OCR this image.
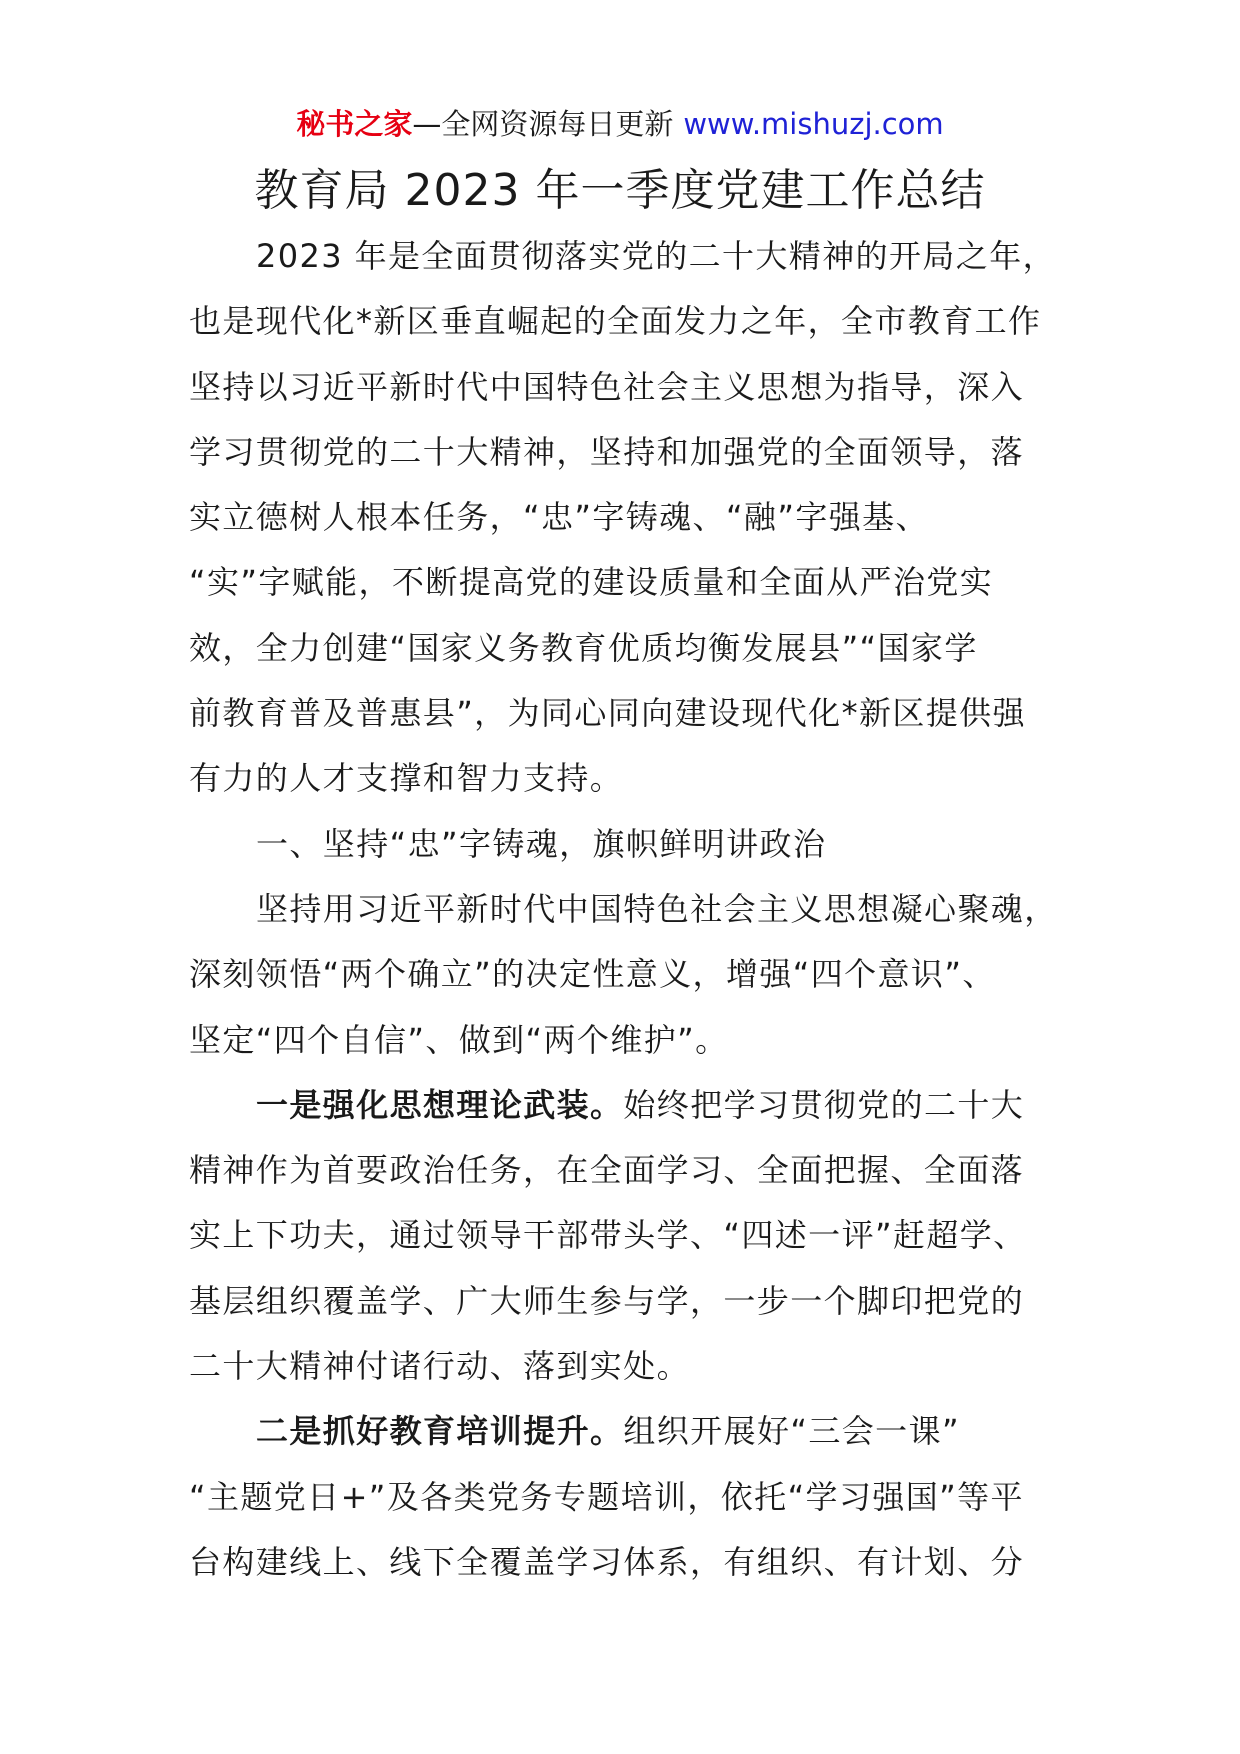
秘书之家—全网资源每日更新 www.mishuzj.com
教育局 2023 年一季度党建工作总结
2023 年是全面贯彻落实党的二十大精神的开局之年，
也是现代化*新区垂直崛起的全面发力之年，全市教育工作
坚持以习近平新时代中国特色社会主义思想为指导，深入
学习贯彻党的二十大精神，坚持和加强党的全面领导，落
实立德树人根本任务，“忠”字铸魂、“融”字强基、
“实”字赋能，不断提高党的建设质量和全面从严治党实
效，全力创建“国家义务教育优质均衡发展县”“国家学
前教育普及普惠县”，为同心同向建设现代化*新区提供强
有力的人才支撑和智力支持。
一、坚持“忠”字铸魂，旗帜鲜明讲政治
坚持用习近平新时代中国特色社会主义思想凝心聚魂，
深刻领悟“两个确立”的决定性意义，增强“四个意识”、
坚定“四个自信”、做到“两个维护”。
一是强化思想理论武装。始终把学习贯彻党的二十大
精神作为首要政治任务，在全面学习、全面把握、全面落
实上下功夫，通过领导干部带头学、“四述一评”赶超学、
基层组织覆盖学、广大师生参与学，一步一个脚印把党的
二十大精神付诸行动、落到实处。
二是抓好教育培训提升。组织开展好“三会一课”
“主题党日+”及各类党务专题培训，依托“学习强国”等平
台构建线上、线下全覆盖学习体系，有组织、有计划、分
